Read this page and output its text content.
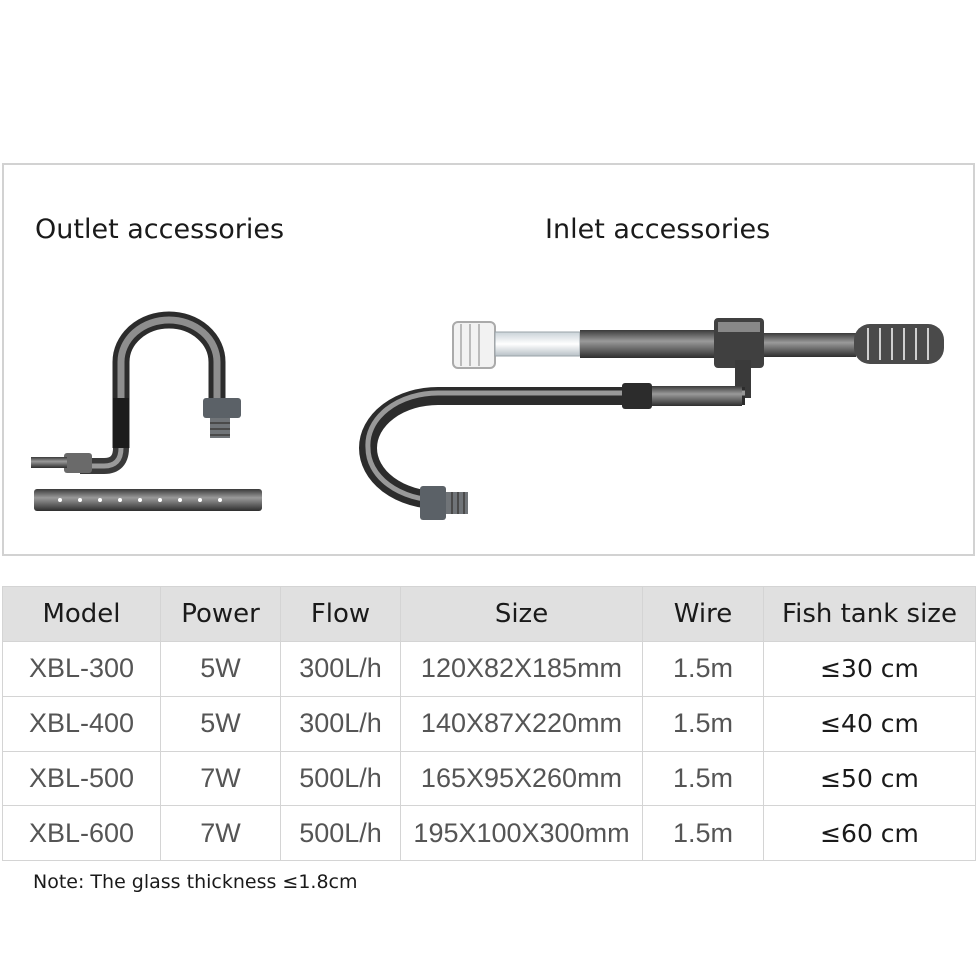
Outlet accessories	Inlet accessories
Model	Power	Flow	Size	Wire	Fish tank size
XBL-300	5W	300L/h	120X82X185mm	1.5m	≤30 cm
XBL-400	5W	300L/h	140X87X220mm	1.5m	≤40 cm
XBL-500	7W	500L/h	165X95X260mm	1.5m	≤50 cm
XBL-600	7W	500L/h	195X100X300mm	1.5m	≤60 cm
Note: The glass thickness ≤1.8cm
